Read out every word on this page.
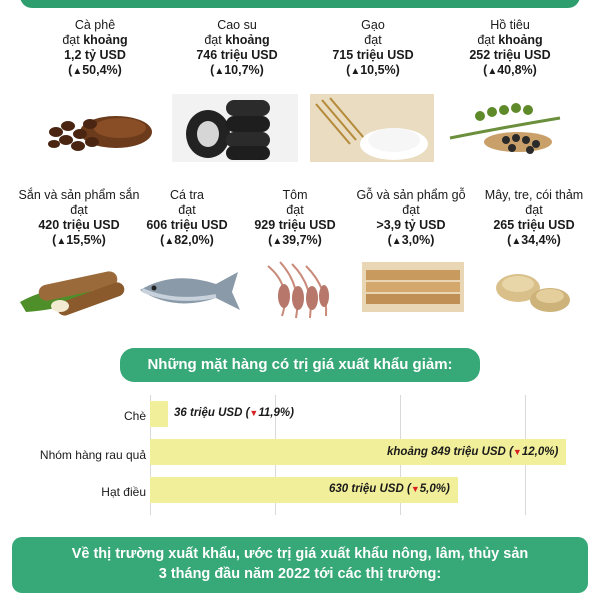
Cà phê
đạt khoảng
1,2 tỷ USD
(▲50,4%)
Cao su
đạt khoảng
746 triệu USD
(▲10,7%)
Gạo
đạt
715 triệu USD
(▲10,5%)
Hồ tiêu
đạt khoảng
252 triệu USD
(▲40,8%)
Sắn và sản phẩm sắn
đạt
420 triệu USD
(▲15,5%)
Cá tra
đạt
606 triệu USD
(▲82,0%)
Tôm
đạt
929 triệu USD
(▲39,7%)
Gỗ và sản phẩm gỗ
đạt
>3,9 tỷ USD
(▲3,0%)
Mây, tre, cói thảm
đạt
265 triệu USD
(▲34,4%)
Những mặt hàng có trị giá xuất khẩu giảm:
Chè
Nhóm hàng rau quả
Hạt điều
36 triệu USD (▼11,9%)
khoảng 849 triệu USD (▼12,0%)
630 triệu USD (▼5,0%)
Về thị trường xuất khẩu, ước trị giá xuất khẩu nông, lâm, thủy sản
3 tháng đầu năm 2022 tới các thị trường:
